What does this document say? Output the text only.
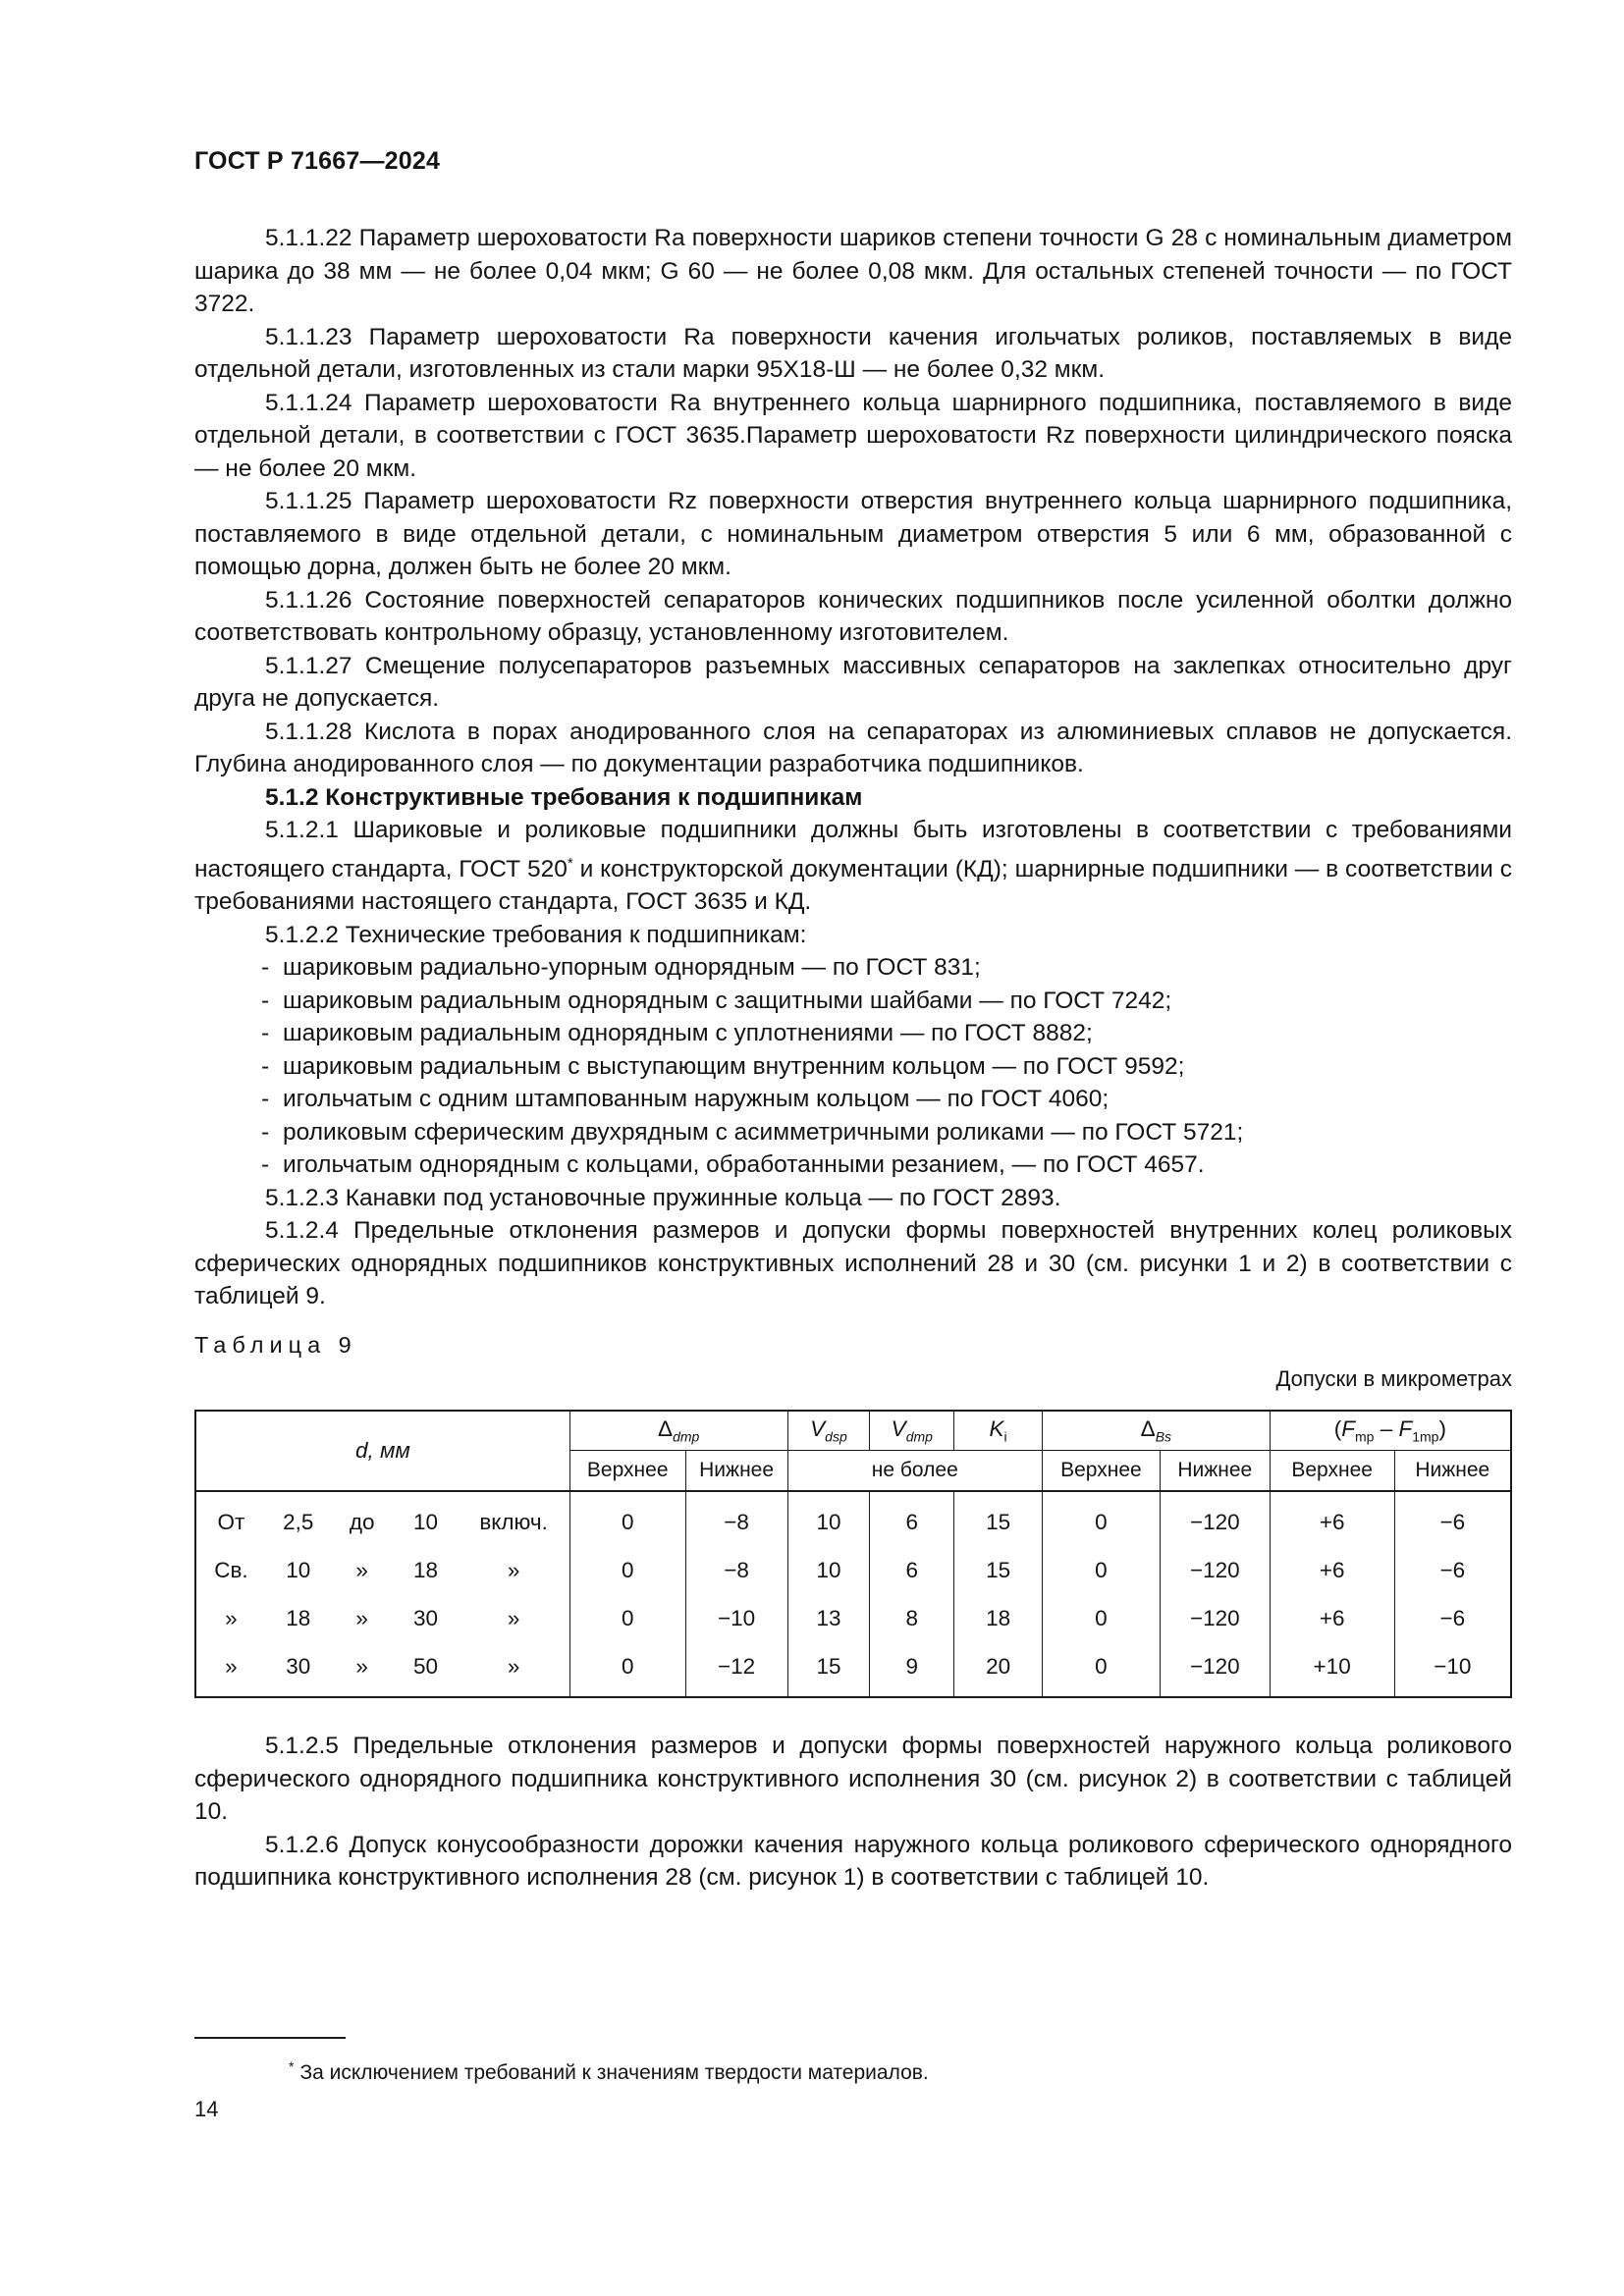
ГОСТ Р 71667—2024

5.1.1.22 Параметр шероховатости Ra поверхности шариков степени точности G 28 с номинальным диаметром шарика до 38 мм — не более 0,04 мкм; G 60 — не более 0,08 мкм. Для остальных степеней точности — по ГОСТ 3722.

5.1.1.23 Параметр шероховатости Ra поверхности качения игольчатых роликов, поставляемых в виде отдельной детали, изготовленных из стали марки 95Х18-Ш — не более 0,32 мкм.

5.1.1.24 Параметр шероховатости Ra внутреннего кольца шарнирного подшипника, поставляемого в виде отдельной детали, в соответствии с ГОСТ 3635.Параметр шероховатости Rz поверхности цилиндрического пояска — не более 20 мкм.

5.1.1.25 Параметр шероховатости Rz поверхности отверстия внутреннего кольца шарнирного подшипника, поставляемого в виде отдельной детали, с номинальным диаметром отверстия 5 или 6 мм, образованной с помощью дорна, должен быть не более 20 мкм.

5.1.1.26 Состояние поверхностей сепараторов конических подшипников после усиленной оболтки должно соответствовать контрольному образцу, установленному изготовителем.

5.1.1.27 Смещение полусепараторов разъемных массивных сепараторов на заклепках относительно друг друга не допускается.

5.1.1.28 Кислота в порах анодированного слоя на сепараторах из алюминиевых сплавов не допускается. Глубина анодированного слоя — по документации разработчика подшипников.

5.1.2 Конструктивные требования к подшипникам

5.1.2.1 Шариковые и роликовые подшипники должны быть изготовлены в соответствии с требованиями настоящего стандарта, ГОСТ 520* и конструкторской документации (КД); шарнирные подшипники — в соответствии с требованиями настоящего стандарта, ГОСТ 3635 и КД.

5.1.2.2 Технические требования к подшипникам:

- шариковым радиально-упорным однорядным — по ГОСТ 831;
- шариковым радиальным однорядным с защитными шайбами — по ГОСТ 7242;
- шариковым радиальным однорядным с уплотнениями — по ГОСТ 8882;
- шариковым радиальным с выступающим внутренним кольцом — по ГОСТ 9592;
- игольчатым с одним штампованным наружным кольцом — по ГОСТ 4060;
- роликовым сферическим двухрядным с асимметричными роликами — по ГОСТ 5721;
- игольчатым однорядным с кольцами, обработанными резанием, — по ГОСТ 4657.

5.1.2.3 Канавки под установочные пружинные кольца — по ГОСТ 2893.

5.1.2.4 Предельные отклонения размеров и допуски формы поверхностей внутренних колец роликовых сферических однорядных подшипников конструктивных исполнений 28 и 30 (см. рисунки 1 и 2) в соответствии с таблицей 9.

Таблица 9
Допуски в микрометрах
d, мм					$\Delta_{dmp}$		$V_{dsp}$	$V_{dmp}$	$K_i$	$\Delta_{Bs}$		$(F_{mp} - F_{1mp})$	
					Верхнее	Нижнее	не более			Верхнее	Нижнее	Верхнее	Нижнее
От	2,5	до	10	включ.	0	−8	10	6	15	0	−120	+6	−6
Св.	10	»	18	»	0	−8	10	6	15	0	−120	+6	−6
»	18	»	30	»	0	−10	13	8	18	0	−120	+6	−6
»	30	»	50	»	0	−12	15	9	20	0	−120	+10	−10

5.1.2.5 Предельные отклонения размеров и допуски формы поверхностей наружного кольца роликового сферического однорядного подшипника конструктивного исполнения 30 (см. рисунок 2) в соответствии с таблицей 10.

5.1.2.6 Допуск конусообразности дорожки качения наружного кольца роликового сферического однорядного подшипника конструктивного исполнения 28 (см. рисунок 1) в соответствии с таблицей 10.

* За исключением требований к значениям твердости материалов.
14
